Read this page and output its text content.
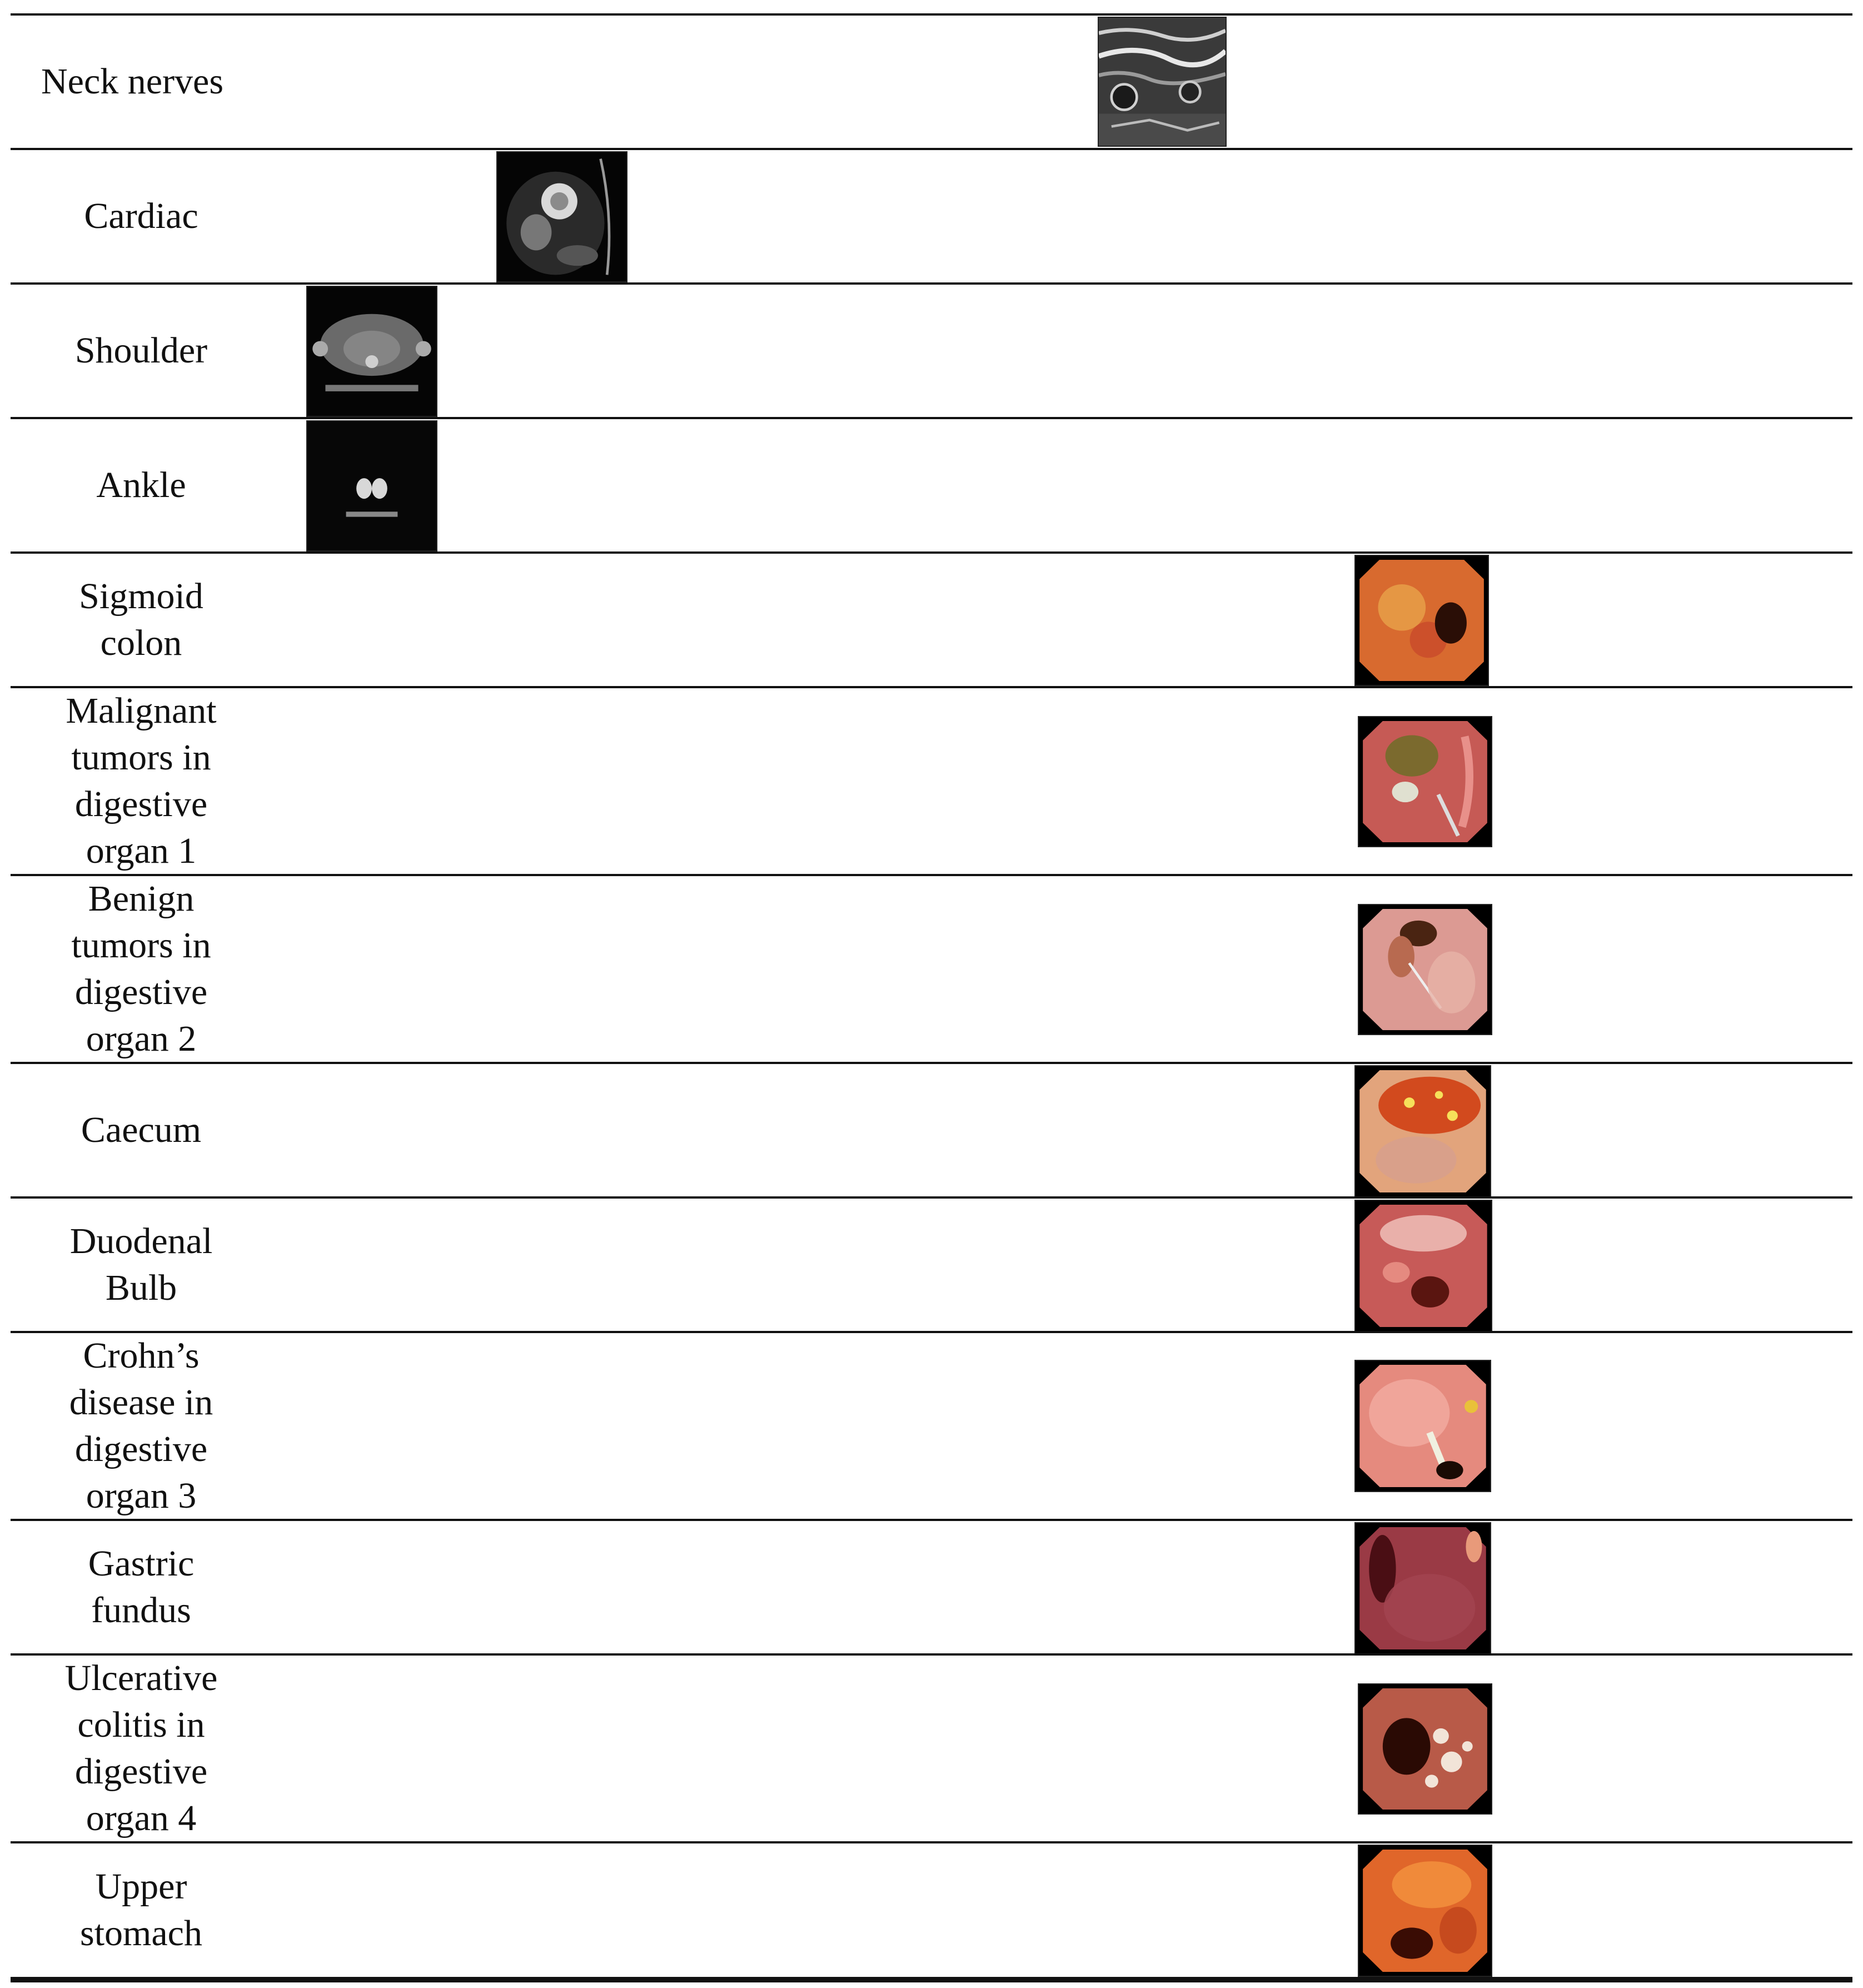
Neck nerves
Cardiac
Shoulder
Ankle
Sigmoid
colon
Malignant
tumors in
digestive
organ 1
Benign
tumors in
digestive
organ 2
Caecum
Duodenal
Bulb
Crohn’s
disease in
digestive
organ 3
Gastric
fundus
Ulcerative
colitis in
digestive
organ 4
Upper
stomach
